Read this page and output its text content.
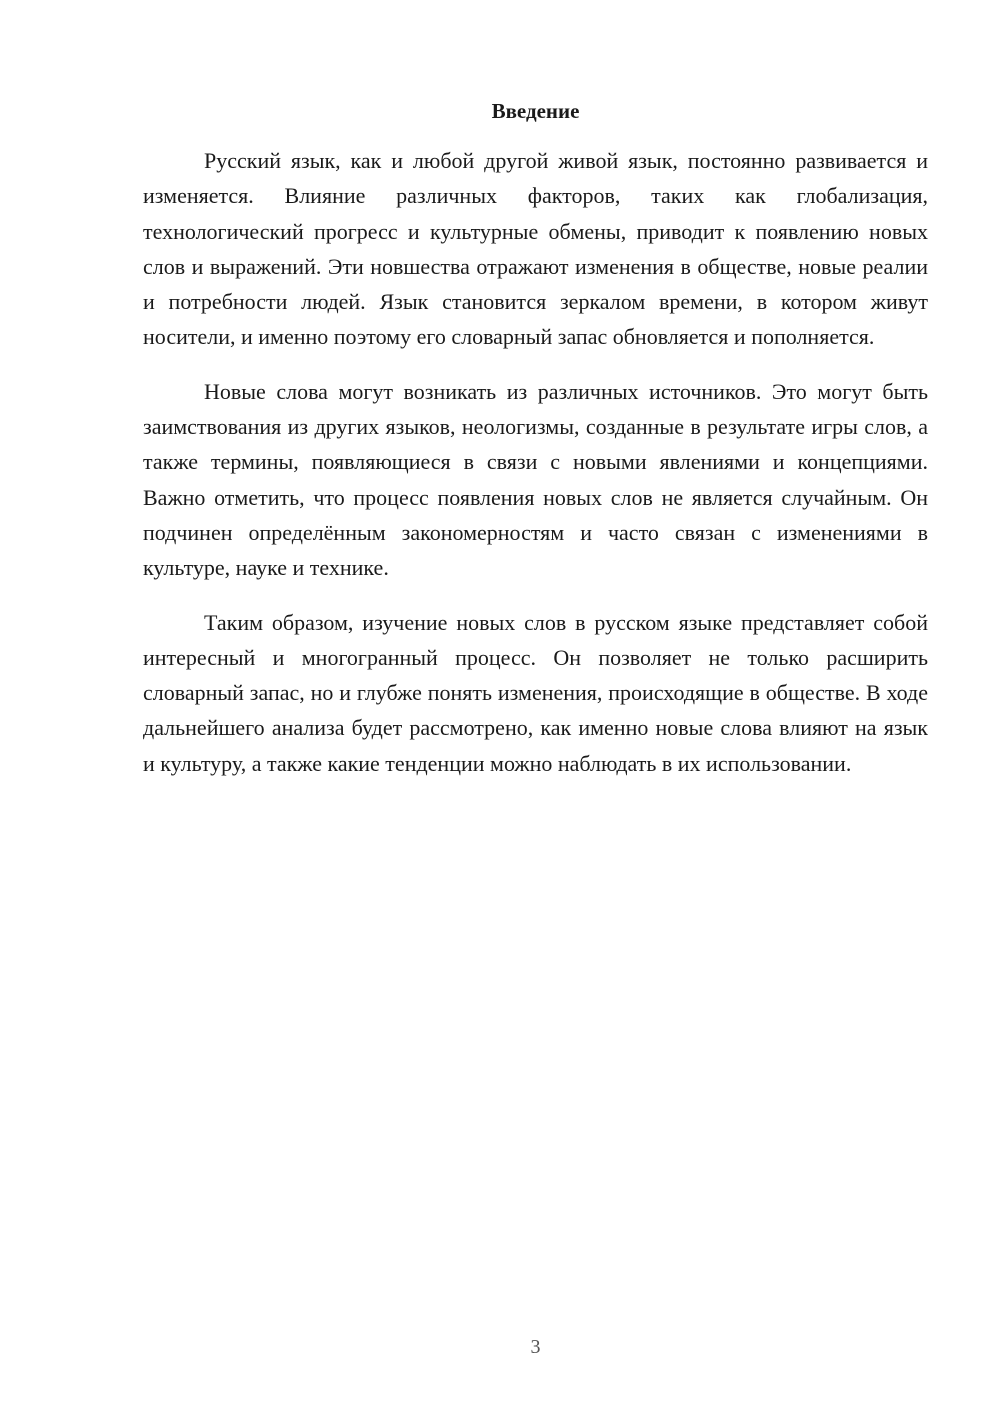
Введение

Русский язык, как и любой другой живой язык, постоянно развивается и изменяется. Влияние различных факторов, таких как глобализация, технологический прогресс и культурные обмены, приводит к появлению новых слов и выражений. Эти новшества отражают изменения в обществе, новые реалии и потребности людей. Язык становится зеркалом времени, в котором живут носители, и именно поэтому его словарный запас обновляется и пополняется.

Новые слова могут возникать из различных источников. Это могут быть заимствования из других языков, неологизмы, созданные в результате игры слов, а также термины, появляющиеся в связи с новыми явлениями и концепциями. Важно отметить, что процесс появления новых слов не является случайным. Он подчинен определённым закономерностям и часто связан с изменениями в культуре, науке и технике.

Таким образом, изучение новых слов в русском языке представляет собой интересный и многогранный процесс. Он позволяет не только расширить словарный запас, но и глубже понять изменения, происходящие в обществе. В ходе дальнейшего анализа будет рассмотрено, как именно новые слова влияют на язык и культуру, а также какие тенденции можно наблюдать в их использовании.

3
